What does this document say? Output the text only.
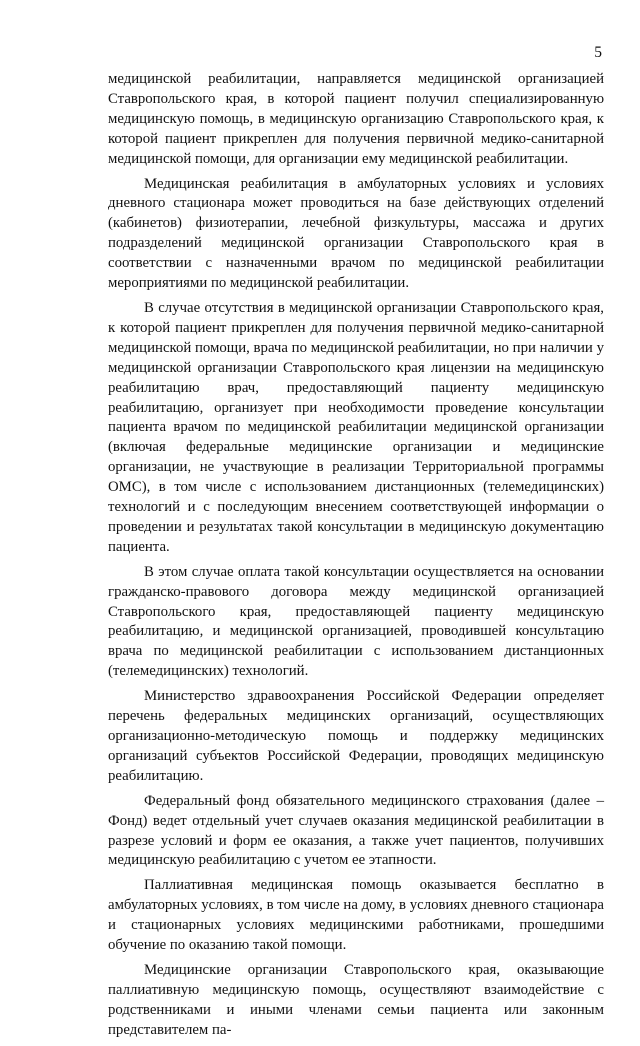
5

медицинской реабилитации, направляется медицинской организацией Ставропольского края, в которой пациент получил специализированную медицинскую помощь, в медицинскую организацию Ставропольского края, к которой пациент прикреплен для получения первичной медико-санитарной медицинской помощи, для организации ему медицинской реабилитации.

Медицинская реабилитация в амбулаторных условиях и условиях дневного стационара может проводиться на базе действующих отделений (кабинетов) физиотерапии, лечебной физкультуры, массажа и других подразделений медицинской организации Ставропольского края в соответствии с назначенными врачом по медицинской реабилитации мероприятиями по медицинской реабилитации.

В случае отсутствия в медицинской организации Ставропольского края, к которой пациент прикреплен для получения первичной медико-санитарной медицинской помощи, врача по медицинской реабилитации, но при наличии у медицинской организации Ставропольского края лицензии на медицинскую реабилитацию врач, предоставляющий пациенту медицинскую реабилитацию, организует при необходимости проведение консультации пациента врачом по медицинской реабилитации медицинской организации (включая федеральные медицинские организации и медицинские организации, не участвующие в реализации Территориальной программы ОМС), в том числе с использованием дистанционных (телемедицинских) технологий и с последующим внесением соответствующей информации о проведении и результатах такой консультации в медицинскую документацию пациента.

В этом случае оплата такой консультации осуществляется на основании гражданско-правового договора между медицинской организацией Ставропольского края, предоставляющей пациенту медицинскую реабилитацию, и медицинской организацией, проводившей консультацию врача по медицинской реабилитации с использованием дистанционных (телемедицинских) технологий.

Министерство здравоохранения Российской Федерации определяет перечень федеральных медицинских организаций, осуществляющих организационно-методическую помощь и поддержку медицинских организаций субъектов Российской Федерации, проводящих медицинскую реабилитацию.

Федеральный фонд обязательного медицинского страхования (далее – Фонд) ведет отдельный учет случаев оказания медицинской реабилитации в разрезе условий и форм ее оказания, а также учет пациентов, получивших медицинскую реабилитацию с учетом ее этапности.

Паллиативная медицинская помощь оказывается бесплатно в амбулаторных условиях, в том числе на дому, в условиях дневного стационара и стационарных условиях медицинскими работниками, прошедшими обучение по оказанию такой помощи.

Медицинские организации Ставропольского края, оказывающие паллиативную медицинскую помощь, осуществляют взаимодействие с родственниками и иными членами семьи пациента или законным представителем па-
